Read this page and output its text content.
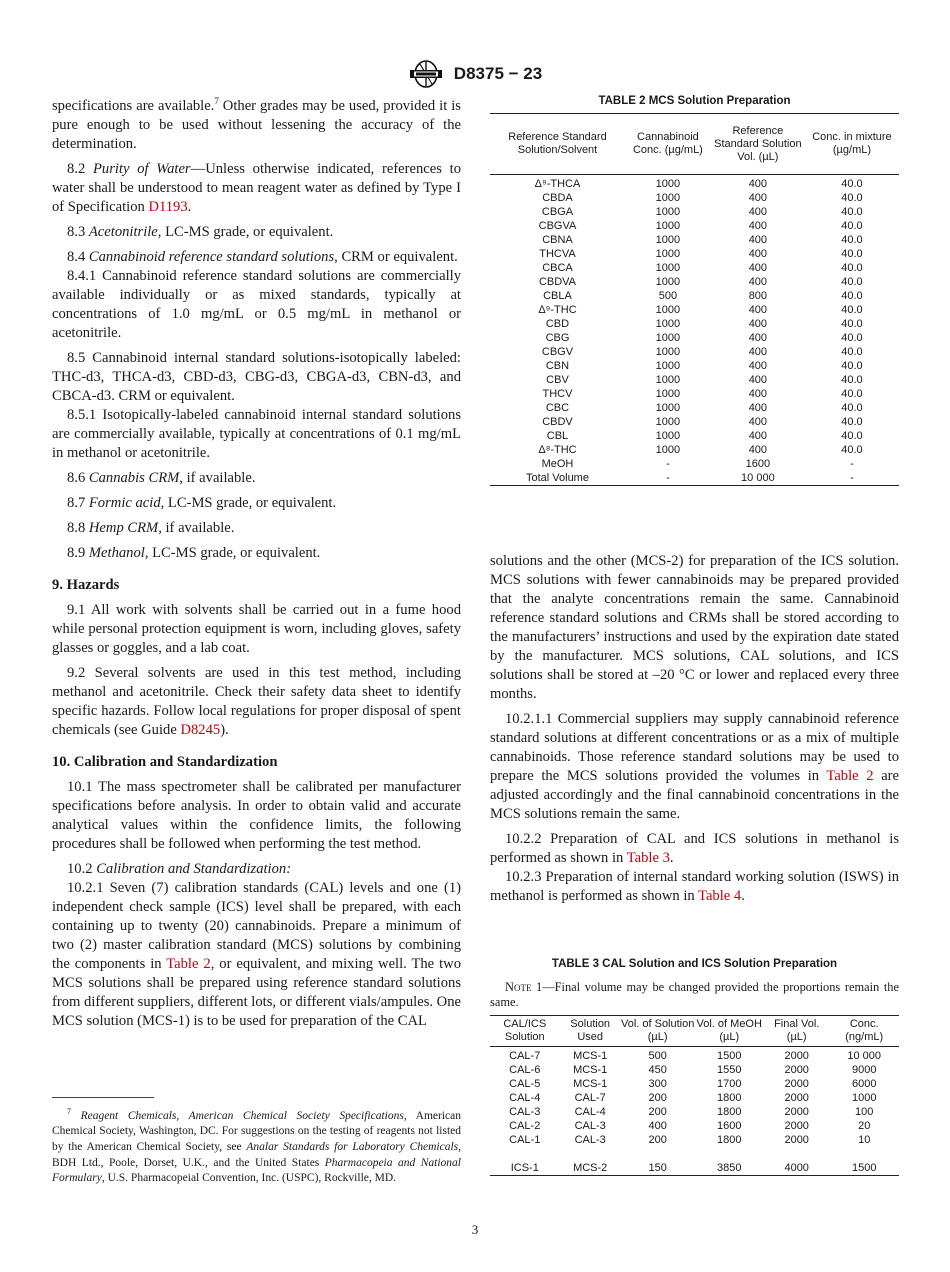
D8375 − 23

specifications are available.$^7$ Other grades may be used, provided it is pure enough to be used without lessening the accuracy of the determination.

8.2 Purity of Water—Unless otherwise indicated, references to water shall be understood to mean reagent water as defined by Type I of Specification D1193.

8.3 Acetonitrile, LC-MS grade, or equivalent.

8.4 Cannabinoid reference standard solutions, CRM or equivalent.

8.4.1 Cannabinoid reference standard solutions are commercially available individually or as mixed standards, typically at concentrations of 1.0 mg/mL or 0.5 mg/mL in methanol or acetonitrile.

8.5 Cannabinoid internal standard solutions-isotopically labeled: THC-d3, THCA-d3, CBD-d3, CBG-d3, CBGA-d3, CBN-d3, and CBCA-d3. CRM or equivalent.

8.5.1 Isotopically-labeled cannabinoid internal standard solutions are commercially available, typically at concentrations of 0.1 mg/mL in methanol or acetonitrile.

8.6 Cannabis CRM, if available.

8.7 Formic acid, LC-MS grade, or equivalent.

8.8 Hemp CRM, if available.

8.9 Methanol, LC-MS grade, or equivalent.

9. Hazards

9.1 All work with solvents shall be carried out in a fume hood while personal protection equipment is worn, including gloves, safety glasses or goggles, and a lab coat.

9.2 Several solvents are used in this test method, including methanol and acetonitrile. Check their safety data sheet to identify specific hazards. Follow local regulations for proper disposal of spent chemicals (see Guide D8245).

10. Calibration and Standardization

10.1 The mass spectrometer shall be calibrated per manufacturer specifications before analysis. In order to obtain valid and accurate analytical values within the confidence limits, the following procedures shall be followed when performing the test method.

10.2 Calibration and Standardization:

10.2.1 Seven (7) calibration standards (CAL) levels and one (1) independent check sample (ICS) level shall be prepared, with each containing up to twenty (20) cannabinoids. Prepare a minimum of two (2) master calibration standard (MCS) solutions by combining the components in Table 2, or equivalent, and mixing well. The two MCS solutions shall be prepared using reference standard solutions from different suppliers, different lots, or different vials/ampules. One MCS solution (MCS-1) is to be used for preparation of the CAL

$^7$ Reagent Chemicals, American Chemical Society Specifications, American Chemical Society, Washington, DC. For suggestions on the testing of reagents not listed by the American Chemical Society, see Analar Standards for Laboratory Chemicals, BDH Ltd., Poole, Dorset, U.K., and the United States Pharmacopeia and National Formulary, U.S. Pharmacopeial Convention, Inc. (USPC), Rockville, MD.
TABLE 2 MCS Solution Preparation
Reference Standard Solution/Solvent	Cannabinoid Conc. (µg/mL)	Reference Standard Solution Vol. (µL)	Conc. in mixture (µg/mL)
Δ⁹-THCA	1000	400	40.0
CBDA	1000	400	40.0
CBGA	1000	400	40.0
CBGVA	1000	400	40.0
CBNA	1000	400	40.0
THCVA	1000	400	40.0
CBCA	1000	400	40.0
CBDVA	1000	400	40.0
CBLA	500	800	40.0
Δ⁹-THC	1000	400	40.0
CBD	1000	400	40.0
CBG	1000	400	40.0
CBGV	1000	400	40.0
CBN	1000	400	40.0
CBV	1000	400	40.0
THCV	1000	400	40.0
CBC	1000	400	40.0
CBDV	1000	400	40.0
CBL	1000	400	40.0
Δ⁸-THC	1000	400	40.0
MeOH	-	1600	-
Total Volume	-	10 000	-

solutions and the other (MCS-2) for preparation of the ICS solution. MCS solutions with fewer cannabinoids may be prepared provided that the analyte concentrations remain the same. Cannabinoid reference standard solutions and CRMs shall be stored according to the manufacturers’ instructions and used by the expiration date stated by the manufacturer. MCS solutions, CAL solutions, and ICS solutions shall be stored at –20 °C or lower and replaced every three months.

10.2.1.1 Commercial suppliers may supply cannabinoid reference standard solutions at different concentrations or as a mix of multiple cannabinoids. Those reference standard solutions may be used to prepare the MCS solutions provided the volumes in Table 2 are adjusted accordingly and the final cannabinoid concentrations in the MCS solutions remain the same.

10.2.2 Preparation of CAL and ICS solutions in methanol is performed as shown in Table 3.

10.2.3 Preparation of internal standard working solution (ISWS) in methanol is performed as shown in Table 4.

TABLE 3 CAL Solution and ICS Solution Preparation
Note 1—Final volume may be changed provided the proportions remain the same.
CAL/ICS Solution	Solution Used	Vol. of Solution (µL)	Vol. of MeOH (µL)	Final Vol. (µL)	Conc. (ng/mL)
CAL-7	MCS-1	500	1500	2000	10 000
CAL-6	MCS-1	450	1550	2000	9000
CAL-5	MCS-1	300	1700	2000	6000
CAL-4	CAL-7	200	1800	2000	1000
CAL-3	CAL-4	200	1800	2000	100
CAL-2	CAL-3	400	1600	2000	20
CAL-1	CAL-3	200	1800	2000	10

ICS-1	MCS-2	150	3850	4000	1500
3
